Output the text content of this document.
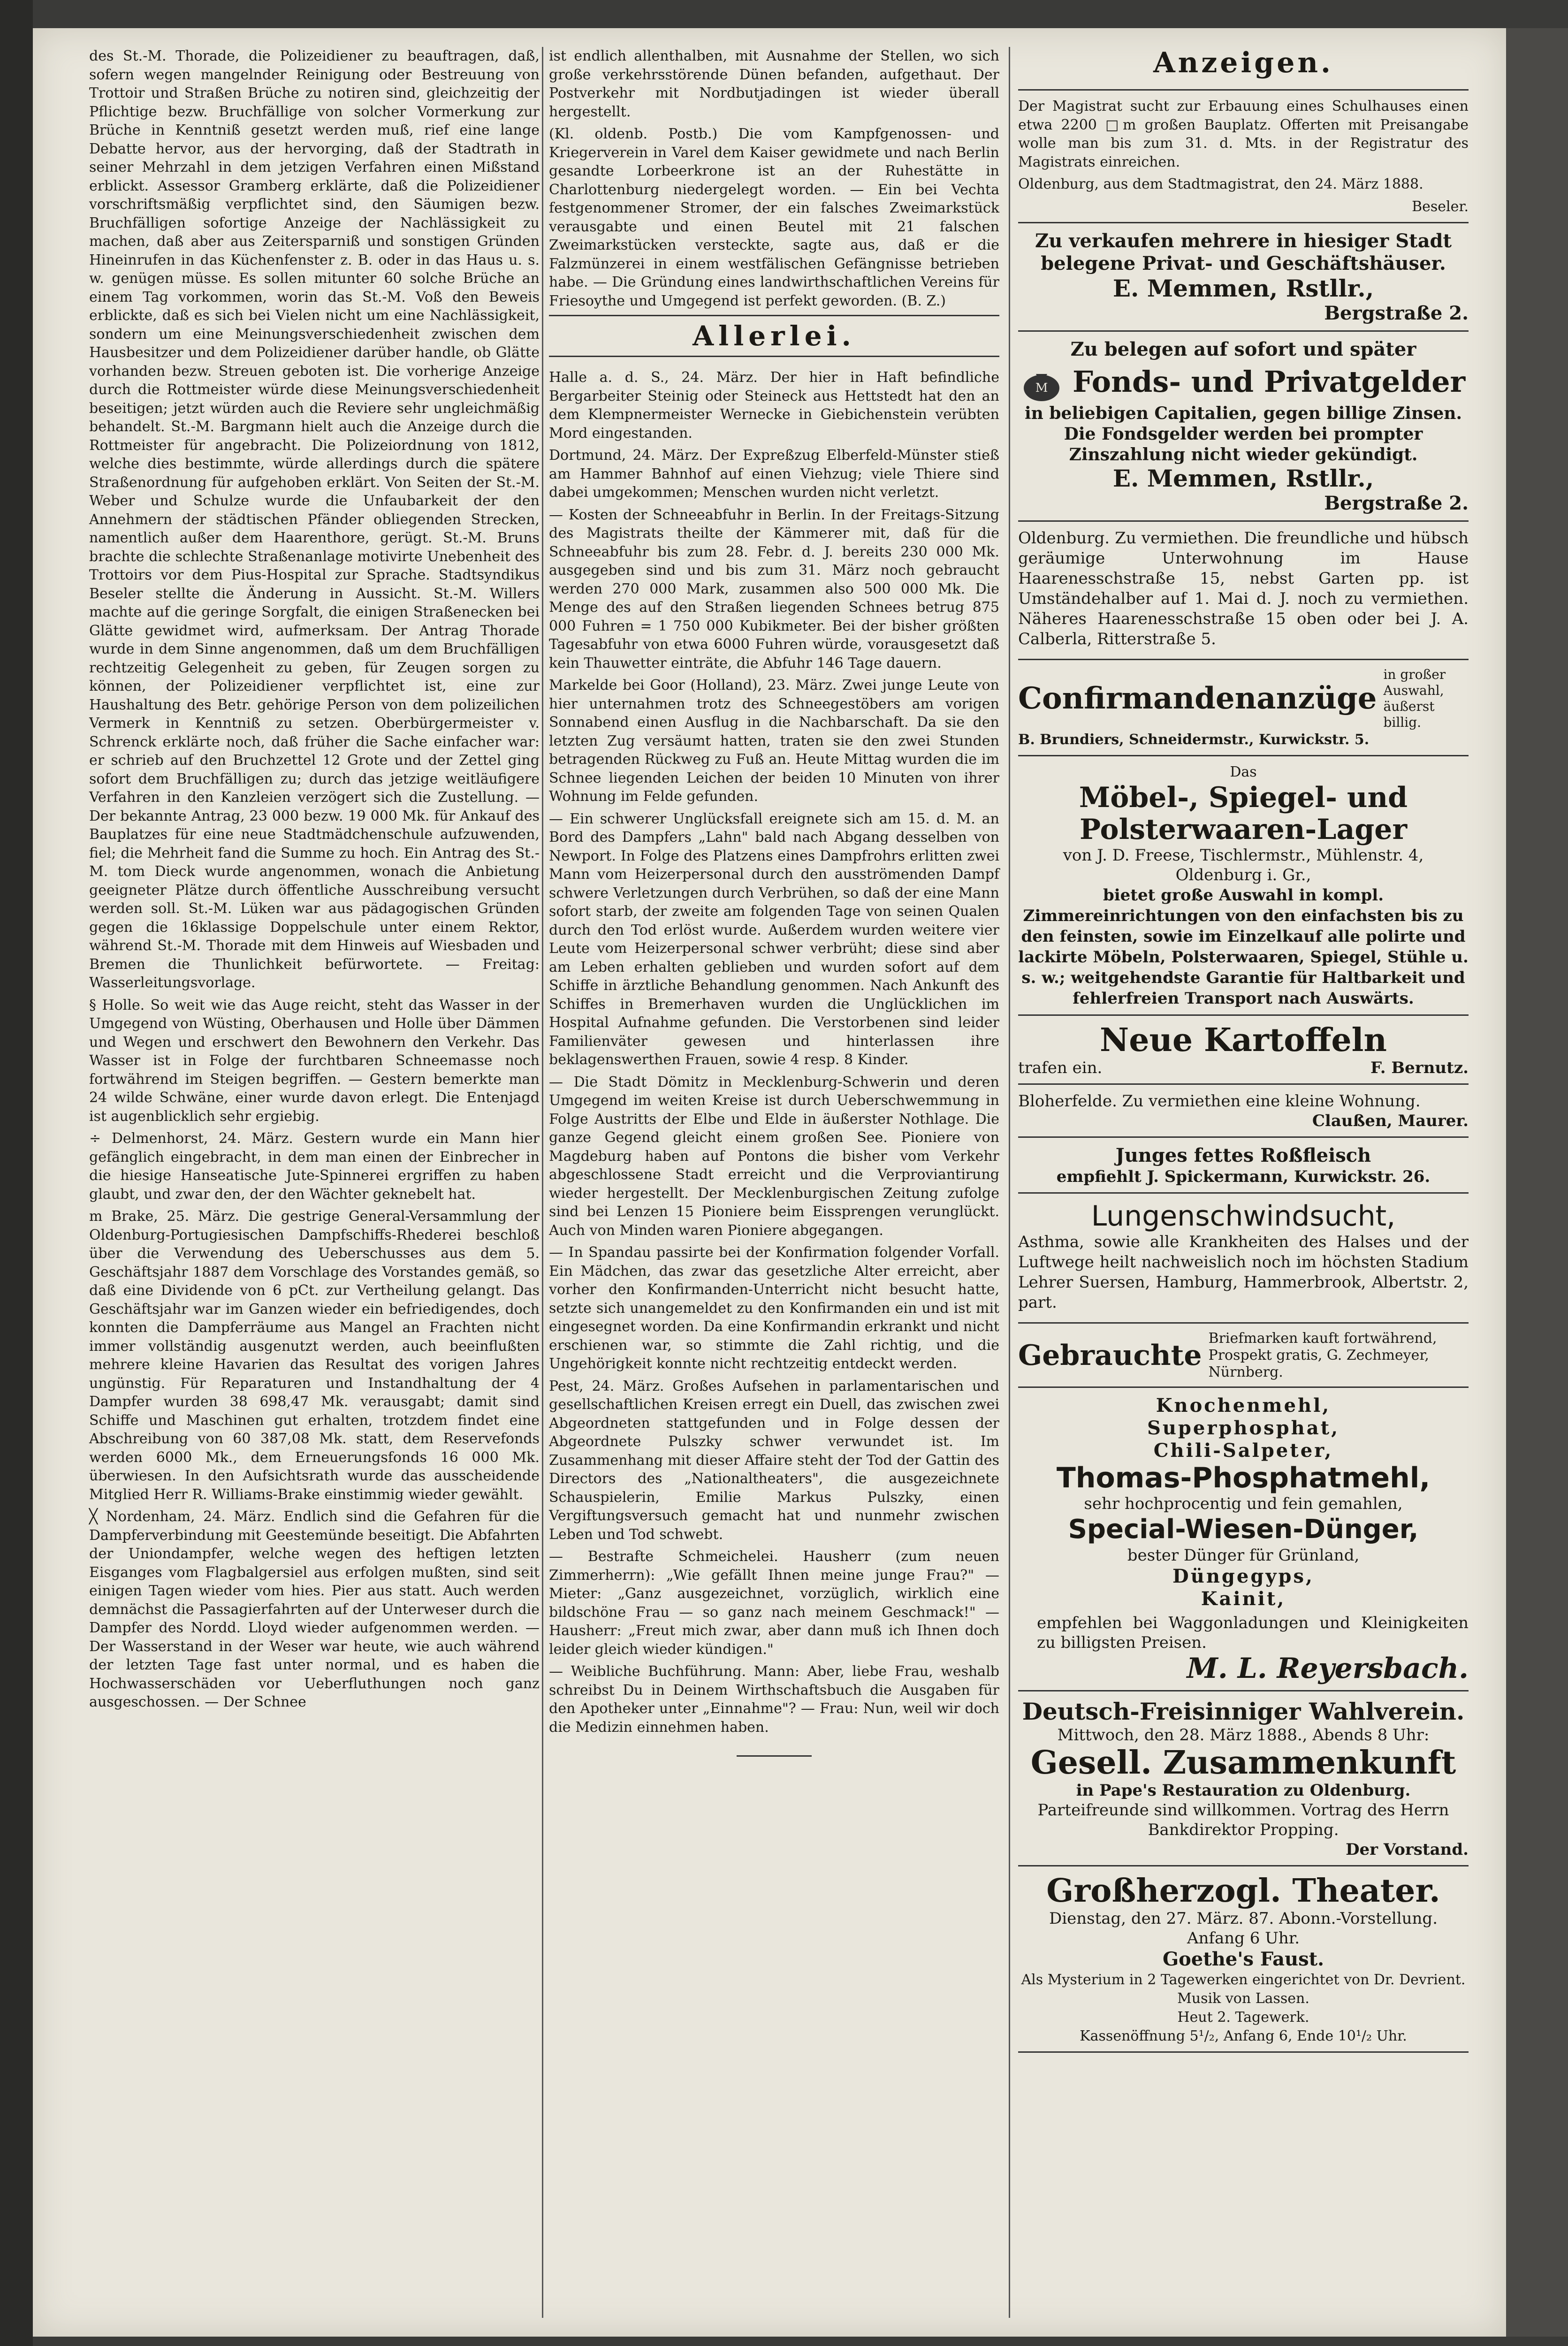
des St.-M. Thorade, die Polizeidiener zu beauftragen, daß, sofern wegen mangelnder Reinigung oder Bestreuung von Trottoir und Straßen Brüche zu notiren sind, gleichzeitig der Pflichtige bezw. Bruchfällige von solcher Vormerkung zur Brüche in Kenntniß gesetzt werden muß, rief eine lange Debatte hervor, aus der hervorging, daß der Stadtrath in seiner Mehrzahl in dem jetzigen Verfahren einen Mißstand erblickt. Assessor Gramberg erklärte, daß die Polizeidiener vorschriftsmäßig verpflichtet sind, den Säumigen bezw. Bruchfälligen sofortige Anzeige der Nachlässigkeit zu machen, daß aber aus Zeitersparniß und sonstigen Gründen Hineinrufen in das Küchenfenster z. B. oder in das Haus u. s. w. genügen müsse. Es sollen mitunter 60 solche Brüche an einem Tag vorkommen, worin das St.-M. Voß den Beweis erblickte, daß es sich bei Vielen nicht um eine Nachlässigkeit, sondern um eine Meinungsverschiedenheit zwischen dem Hausbesitzer und dem Polizeidiener darüber handle, ob Glätte vorhanden bezw. Streuen geboten ist. Die vorherige Anzeige durch die Rottmeister würde diese Meinungsverschiedenheit beseitigen; jetzt würden auch die Reviere sehr ungleichmäßig behandelt. St.-M. Bargmann hielt auch die Anzeige durch die Rottmeister für angebracht. Die Polizeiordnung von 1812, welche dies bestimmte, würde allerdings durch die spätere Straßenordnung für aufgehoben erklärt. Von Seiten der St.-M. Weber und Schulze wurde die Unfaubarkeit der den Annehmern der städtischen Pfänder obliegenden Strecken, namentlich außer dem Haarenthore, gerügt. St.-M. Bruns brachte die schlechte Straßenanlage motivirte Unebenheit des Trottoirs vor dem Pius-Hospital zur Sprache. Stadtsyndikus Beseler stellte die Änderung in Aussicht. St.-M. Willers machte auf die geringe Sorgfalt, die einigen Straßenecken bei Glätte gewidmet wird, aufmerksam. Der Antrag Thorade wurde in dem Sinne angenommen, daß um dem Bruchfälligen rechtzeitig Gelegenheit zu geben, für Zeugen sorgen zu können, der Polizeidiener verpflichtet ist, eine zur Haushaltung des Betr. gehörige Person von dem polizeilichen Vermerk in Kenntniß zu setzen. Oberbürgermeister v. Schrenck erklärte noch, daß früher die Sache einfacher war: er schrieb auf den Bruchzettel 12 Grote und der Zettel ging sofort dem Bruchfälligen zu; durch das jetzige weitläufigere Verfahren in den Kanzleien verzögert sich die Zustellung. — Der bekannte Antrag, 23 000 bezw. 19 000 Mk. für Ankauf des Bauplatzes für eine neue Stadtmädchenschule aufzuwenden, fiel; die Mehrheit fand die Summe zu hoch. Ein Antrag des St.-M. tom Dieck wurde angenommen, wonach die Anbietung geeigneter Plätze durch öffentliche Ausschreibung versucht werden soll. St.-M. Lüken war aus pädagogischen Gründen gegen die 16klassige Doppelschule unter einem Rektor, während St.-M. Thorade mit dem Hinweis auf Wiesbaden und Bremen die Thunlichkeit befürwortete. — Freitag: Wasserleitungsvorlage.

§ Holle. So weit wie das Auge reicht, steht das Wasser in der Umgegend von Wüsting, Oberhausen und Holle über Dämmen und Wegen und erschwert den Bewohnern den Verkehr. Das Wasser ist in Folge der furchtbaren Schneemasse noch fortwährend im Steigen begriffen. — Gestern bemerkte man 24 wilde Schwäne, einer wurde davon erlegt. Die Entenjagd ist augenblicklich sehr ergiebig.

÷ Delmenhorst, 24. März. Gestern wurde ein Mann hier gefänglich eingebracht, in dem man einen der Einbrecher in die hiesige Hanseatische Jute-Spinnerei ergriffen zu haben glaubt, und zwar den, der den Wächter geknebelt hat.

m Brake, 25. März. Die gestrige General-Versammlung der Oldenburg-Portugiesischen Dampfschiffs-Rhederei beschloß über die Verwendung des Ueberschusses aus dem 5. Geschäftsjahr 1887 dem Vorschlage des Vorstandes gemäß, so daß eine Dividende von 6 pCt. zur Vertheilung gelangt. Das Geschäftsjahr war im Ganzen wieder ein befriedigendes, doch konnten die Dampferräume aus Mangel an Frachten nicht immer vollständig ausgenutzt werden, auch beeinflußten mehrere kleine Havarien das Resultat des vorigen Jahres ungünstig. Für Reparaturen und Instandhaltung der 4 Dampfer wurden 38 698,47 Mk. verausgabt; damit sind Schiffe und Maschinen gut erhalten, trotzdem findet eine Abschreibung von 60 387,08 Mk. statt, dem Reservefonds werden 6000 Mk., dem Erneuerungsfonds 16 000 Mk. überwiesen. In den Aufsichtsrath wurde das ausscheidende Mitglied Herr R. Williams-Brake einstimmig wieder gewählt.

╳ Nordenham, 24. März. Endlich sind die Gefahren für die Dampferverbindung mit Geestemünde beseitigt. Die Abfahrten der Uniondampfer, welche wegen des heftigen letzten Eisganges vom Flagbalgersiel aus erfolgen mußten, sind seit einigen Tagen wieder vom hies. Pier aus statt. Auch werden demnächst die Passagierfahrten auf der Unterweser durch die Dampfer des Nordd. Lloyd wieder aufgenommen werden. — Der Wasserstand in der Weser war heute, wie auch während der letzten Tage fast unter normal, und es haben die Hochwasserschäden vor Ueberfluthungen noch ganz ausgeschossen. — Der Schnee

ist endlich allenthalben, mit Ausnahme der Stellen, wo sich große verkehrsstörende Dünen befanden, aufgethaut. Der Postverkehr mit Nordbutjadingen ist wieder überall hergestellt.

(Kl. oldenb. Postb.) Die vom Kampfgenossen- und Kriegerverein in Varel dem Kaiser gewidmete und nach Berlin gesandte Lorbeerkrone ist an der Ruhestätte in Charlottenburg niedergelegt worden. — Ein bei Vechta festgenommener Stromer, der ein falsches Zweimarkstück verausgabte und einen Beutel mit 21 falschen Zweimarkstücken versteckte, sagte aus, daß er die Falzmünzerei in einem westfälischen Gefängnisse betrieben habe. — Die Gründung eines landwirthschaftlichen Vereins für Friesoythe und Umgegend ist perfekt geworden. (B. Z.)

Allerlei.

Halle a. d. S., 24. März. Der hier in Haft befindliche Bergarbeiter Steinig oder Steineck aus Hettstedt hat den an dem Klempnermeister Wernecke in Giebichenstein verübten Mord eingestanden.

Dortmund, 24. März. Der Expreßzug Elberfeld-Münster stieß am Hammer Bahnhof auf einen Viehzug; viele Thiere sind dabei umgekommen; Menschen wurden nicht verletzt.

— Kosten der Schneeabfuhr in Berlin. In der Freitags-Sitzung des Magistrats theilte der Kämmerer mit, daß für die Schneeabfuhr bis zum 28. Febr. d. J. bereits 230 000 Mk. ausgegeben sind und bis zum 31. März noch gebraucht werden 270 000 Mark, zusammen also 500 000 Mk. Die Menge des auf den Straßen liegenden Schnees betrug 875 000 Fuhren = 1 750 000 Kubikmeter. Bei der bisher größten Tagesabfuhr von etwa 6000 Fuhren würde, vorausgesetzt daß kein Thauwetter einträte, die Abfuhr 146 Tage dauern.

Markelde bei Goor (Holland), 23. März. Zwei junge Leute von hier unternahmen trotz des Schneegestöbers am vorigen Sonnabend einen Ausflug in die Nachbarschaft. Da sie den letzten Zug versäumt hatten, traten sie den zwei Stunden betragenden Rückweg zu Fuß an. Heute Mittag wurden die im Schnee liegenden Leichen der beiden 10 Minuten von ihrer Wohnung im Felde gefunden.

— Ein schwerer Unglücksfall ereignete sich am 15. d. M. an Bord des Dampfers „Lahn" bald nach Abgang desselben von Newport. In Folge des Platzens eines Dampfrohrs erlitten zwei Mann vom Heizerpersonal durch den ausströmenden Dampf schwere Verletzungen durch Verbrühen, so daß der eine Mann sofort starb, der zweite am folgenden Tage von seinen Qualen durch den Tod erlöst wurde. Außerdem wurden weitere vier Leute vom Heizerpersonal schwer verbrüht; diese sind aber am Leben erhalten geblieben und wurden sofort auf dem Schiffe in ärztliche Behandlung genommen. Nach Ankunft des Schiffes in Bremerhaven wurden die Unglücklichen im Hospital Aufnahme gefunden. Die Verstorbenen sind leider Familienväter gewesen und hinterlassen ihre beklagenswerthen Frauen, sowie 4 resp. 8 Kinder.

— Die Stadt Dömitz in Mecklenburg-Schwerin und deren Umgegend im weiten Kreise ist durch Ueberschwemmung in Folge Austritts der Elbe und Elde in äußerster Nothlage. Die ganze Gegend gleicht einem großen See. Pioniere von Magdeburg haben auf Pontons die bisher vom Verkehr abgeschlossene Stadt erreicht und die Verproviantirung wieder hergestellt. Der Mecklenburgischen Zeitung zufolge sind bei Lenzen 15 Pioniere beim Eissprengen verunglückt. Auch von Minden waren Pioniere abgegangen.

— In Spandau passirte bei der Konfirmation folgender Vorfall. Ein Mädchen, das zwar das gesetzliche Alter erreicht, aber vorher den Konfirmanden-Unterricht nicht besucht hatte, setzte sich unangemeldet zu den Konfirmanden ein und ist mit eingesegnet worden. Da eine Konfirmandin erkrankt und nicht erschienen war, so stimmte die Zahl richtig, und die Ungehörigkeit konnte nicht rechtzeitig entdeckt werden.

Pest, 24. März. Großes Aufsehen in parlamentarischen und gesellschaftlichen Kreisen erregt ein Duell, das zwischen zwei Abgeordneten stattgefunden und in Folge dessen der Abgeordnete Pulszky schwer verwundet ist. Im Zusammenhang mit dieser Affaire steht der Tod der Gattin des Directors des „Nationaltheaters", die ausgezeichnete Schauspielerin, Emilie Markus Pulszky, einen Vergiftungsversuch gemacht hat und nunmehr zwischen Leben und Tod schwebt.

— Bestrafte Schmeichelei. Hausherr (zum neuen Zimmerherrn): „Wie gefällt Ihnen meine junge Frau?" — Mieter: „Ganz ausgezeichnet, vorzüglich, wirklich eine bildschöne Frau — so ganz nach meinem Geschmack!" — Hausherr: „Freut mich zwar, aber dann muß ich Ihnen doch leider gleich wieder kündigen."

— Weibliche Buchführung. Mann: Aber, liebe Frau, weshalb schreibst Du in Deinem Wirthschaftsbuch die Ausgaben für den Apotheker unter „Einnahme"? — Frau: Nun, weil wir doch die Medizin einnehmen haben.

Anzeigen.

Der Magistrat sucht zur Erbauung eines Schulhauses einen etwa 2200 □m großen Bauplatz. Offerten mit Preisangabe wolle man bis zum 31. d. Mts. in der Registratur des Magistrats einreichen.

Oldenburg, aus dem Stadtmagistrat, den 24. März 1888.

Beseler.
Zu verkaufen mehrere in hiesiger Stadt belegene Privat- und Geschäftshäuser.
E. Memmen, Rstllr.,
Bergstraße 2.
Zu belegen auf sofort und später
M Fonds- und Privatgelder
in beliebigen Capitalien, gegen billige Zinsen. Die Fondsgelder werden bei prompter Zinszahlung nicht wieder gekündigt.
E. Memmen, Rstllr.,
Bergstraße 2.

Oldenburg. Zu vermiethen. Die freundliche und hübsch geräumige Unterwohnung im Hause Haarenesschstraße 15, nebst Garten pp. ist Umständehalber auf 1. Mai d. J. noch zu vermiethen. Näheres Haarenesschstraße 15 oben oder bei J. A. Calberla, Ritterstraße 5.

Confirmandenanzüge
in großer Auswahl, äußerst billig.
B. Brundiers, Schneidermstr., Kurwickstr. 5.
Das
Möbel-, Spiegel- und Polsterwaaren-Lager
von J. D. Freese, Tischlermstr., Mühlenstr. 4, Oldenburg i. Gr.,
bietet große Auswahl in kompl. Zimmereinrichtungen von den einfachsten bis zu den feinsten, sowie im Einzelkauf alle polirte und lackirte Möbeln, Polsterwaaren, Spiegel, Stühle u. s. w.; weitgehendste Garantie für Haltbarkeit und fehlerfreien Transport nach Auswärts.
Neue Kartoffeln
trafen ein.	F. Bernutz.

Bloherfelde. Zu vermiethen eine kleine Wohnung.

Claußen, Maurer.
Junges fettes Roßfleisch
empfiehlt J. Spickermann, Kurwickstr. 26.
Lungenschwindsucht,

Asthma, sowie alle Krankheiten des Halses und der Luftwege heilt nachweislich noch im höchsten Stadium Lehrer Suersen, Hamburg, Hammerbrook, Albertstr. 2, part.

Gebrauchte
Briefmarken kauft fortwährend, Prospekt gratis, G. Zechmeyer, Nürnberg.
Knochenmehl,
Superphosphat,
Chili-Salpeter,
Thomas-Phosphatmehl,
sehr hochprocentig und fein gemahlen,
Special-Wiesen-Dünger,
bester Dünger für Grünland,
Düngegyps,
Kainit,

empfehlen bei Waggonladungen und Kleinigkeiten zu billigsten Preisen.

M. L. Reyersbach.
Deutsch-Freisinniger Wahlverein.
Mittwoch, den 28. März 1888., Abends 8 Uhr:
Gesell. Zusammenkunft
in Pape's Restauration zu Oldenburg.
Parteifreunde sind willkommen. Vortrag des Herrn Bankdirektor Propping.
Der Vorstand.
Großherzogl. Theater.
Dienstag, den 27. März. 87. Abonn.-Vorstellung.
Anfang 6 Uhr.
Goethe's Faust.
Als Mysterium in 2 Tagewerken eingerichtet von Dr. Devrient. Musik von Lassen.
Heut 2. Tagewerk.
Kassenöffnung 5¹/₂, Anfang 6, Ende 10¹/₂ Uhr.
